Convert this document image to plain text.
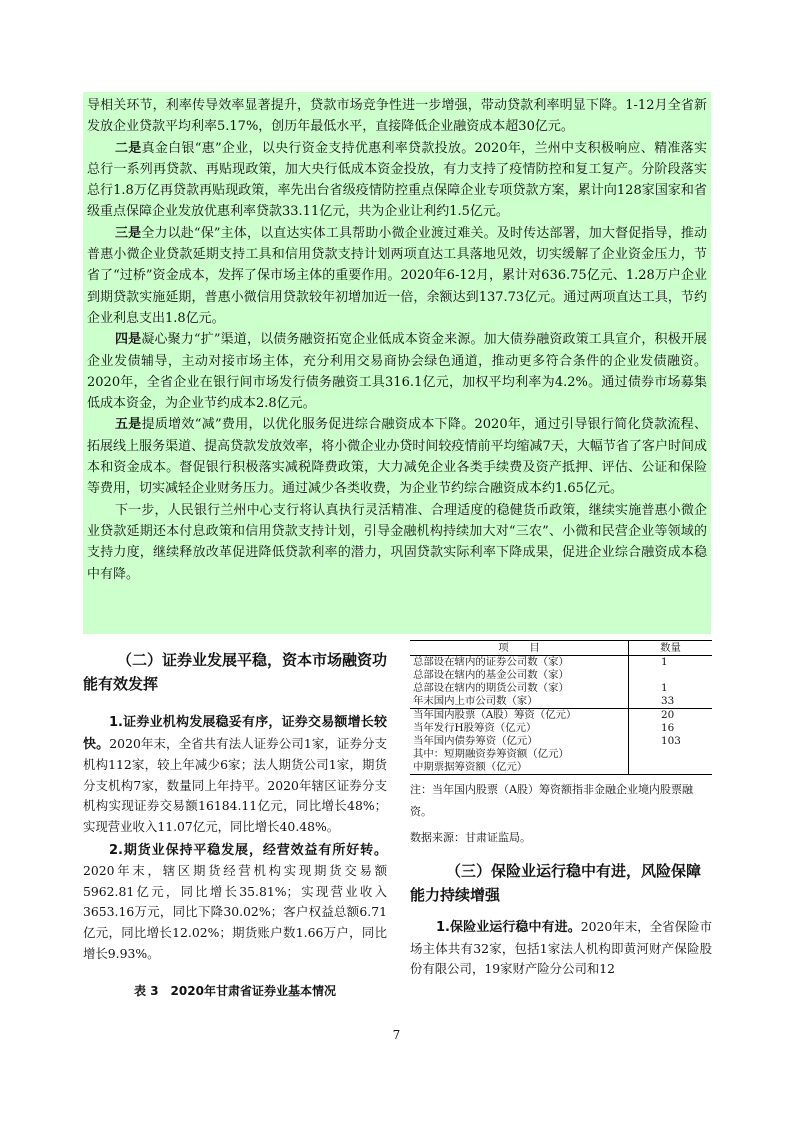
导相关环节，利率传导效率显著提升，贷款市场竞争性进一步增强，带动贷款利率明显下降。1-12月全省新发放企业贷款平均利率5.17%，创历年最低水平，直接降低企业融资成本超30亿元。

二是真金白银“惠”企业，以央行资金支持优惠利率贷款投放。2020年，兰州中支积极响应、精准落实总行一系列再贷款、再贴现政策，加大央行低成本资金投放，有力支持了疫情防控和复工复产。分阶段落实总行1.8万亿再贷款再贴现政策，率先出台省级疫情防控重点保障企业专项贷款方案，累计向128家国家和省级重点保障企业发放优惠利率贷款33.11亿元，共为企业让利约1.5亿元。

三是全力以赴“保”主体，以直达实体工具帮助小微企业渡过难关。及时传达部署，加大督促指导，推动普惠小微企业贷款延期支持工具和信用贷款支持计划两项直达工具落地见效，切实缓解了企业资金压力，节省了“过桥”资金成本，发挥了保市场主体的重要作用。2020年6-12月，累计对636.75亿元、1.28万户企业到期贷款实施延期，普惠小微信用贷款较年初增加近一倍，余额达到137.73亿元。通过两项直达工具，节约企业利息支出1.8亿元。

四是凝心聚力“扩”渠道，以债务融资拓宽企业低成本资金来源。加大债券融资政策工具宣介，积极开展企业发债辅导，主动对接市场主体，充分利用交易商协会绿色通道，推动更多符合条件的企业发债融资。2020年，全省企业在银行间市场发行债务融资工具316.1亿元，加权平均利率为4.2%。通过债券市场募集低成本资金，为企业节约成本2.8亿元。

五是提质增效“减”费用，以优化服务促进综合融资成本下降。2020年，通过引导银行简化贷款流程、拓展线上服务渠道、提高贷款发放效率，将小微企业办贷时间较疫情前平均缩减7天，大幅节省了客户时间成本和资金成本。督促银行积极落实减税降费政策，大力减免企业各类手续费及资产抵押、评估、公证和保险等费用，切实减轻企业财务压力。通过减少各类收费，为企业节约综合融资成本约1.65亿元。

下一步，人民银行兰州中心支行将认真执行灵活精准、合理适度的稳健货币政策，继续实施普惠小微企业贷款延期还本付息政策和信用贷款支持计划，引导金融机构持续加大对“三农”、小微和民营企业等领域的支持力度，继续释放改革促进降低贷款利率的潜力，巩固贷款实际利率下降成果，促进企业综合融资成本稳中有降。

（二）证券业发展平稳，资本市场融资功能有效发挥

1.证券业机构发展稳妥有序，证券交易额增长较快。2020年末，全省共有法人证券公司1家，证券分支机构112家，较上年减少6家；法人期货公司1家，期货分支机构7家，数量同上年持平。2020年辖区证券分支机构实现证券交易额16184.11亿元，同比增长48%；实现营业收入11.07亿元，同比增长40.48%。

2.期货业保持平稳发展，经营效益有所好转。2020年末，辖区期货经营机构实现期货交易额5962.81亿元，同比增长35.81%；实现营业收入3653.16万元，同比下降30.02%；客户权益总额6.71亿元，同比增长12.02%；期货账户数1.66万户，同比增长9.93%。

表 3　2020年甘肃省证券业基本情况
项　　目	数量
总部设在辖内的证券公司数（家）	1
总部设在辖内的基金公司数（家）	
总部设在辖内的期货公司数（家）	1
年末国内上市公司数（家）	33
当年国内股票（A股）筹资（亿元）	20
当年发行H股筹资（亿元）	16
当年国内债券筹资（亿元）	103
其中：短期融资券筹资额（亿元）	
中期票据筹资额（亿元）	
注：当年国内股票（A股）筹资额指非金融企业境内股票融资。
数据来源：甘肃证监局。
（三）保险业运行稳中有进，风险保障能力持续增强

1.保险业运行稳中有进。2020年末，全省保险市场主体共有32家，包括1家法人机构即黄河财产保险股份有限公司，19家财产险分公司和12

7
